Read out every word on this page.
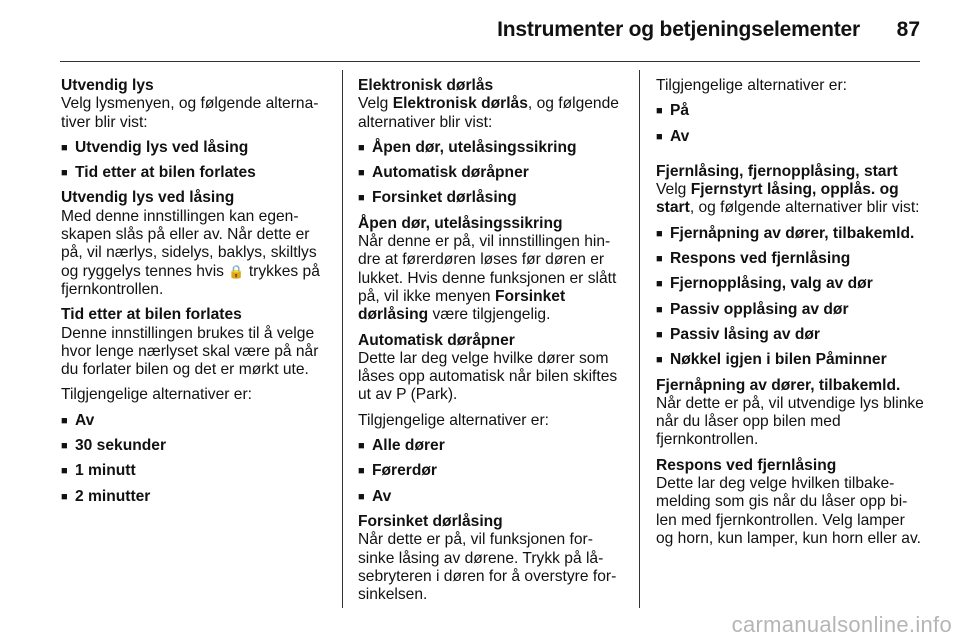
Instrumenter og betjeningselementer 87
Utvendig lys
Velg lysmenyen, og følgende alterna-tiver blir vist:
■ Utvendig lys ved låsing
■ Tid etter at bilen forlates
Utvendig lys ved låsing
Med denne innstillingen kan egen-skapen slås på eller av. Når dette er på, vil nærlys, sidelys, baklys, skiltlys og ryggelys tennes hvis 🔒 trykkes på fjernkontrollen.
Tid etter at bilen forlates
Denne innstillingen brukes til å velge hvor lenge nærlyset skal være på når du forlater bilen og det er mørkt ute.
Tilgjengelige alternativer er:
■ Av
■ 30 sekunder
■ 1 minutt
■ 2 minutter
Elektronisk dørlås
Velg Elektronisk dørlås, og følgende alternativer blir vist:
■ Åpen dør, utelåsingssikring
■ Automatisk døråpner
■ Forsinket dørlåsing
Åpen dør, utelåsingssikring
Når denne er på, vil innstillingen hin-dre at førerdøren løses før døren er lukket. Hvis denne funksjonen er slått på, vil ikke menyen Forsinket dørlåsing være tilgjengelig.
Automatisk døråpner
Dette lar deg velge hvilke dører som låses opp automatisk når bilen skiftes ut av P (Park).
Tilgjengelige alternativer er:
■ Alle dører
■ Førerdør
■ Av
Forsinket dørlåsing
Når dette er på, vil funksjonen for-sinke låsing av dørene. Trykk på lå-sebryteren i døren for å overstyre for-sinkelsen.
Tilgjengelige alternativer er:
■ På
■ Av
Fjernlåsing, fjernopplåsing, start
Velg Fjernstyrt låsing, opplås. og start, og følgende alternativer blir vist:
■ Fjernåpning av dører, tilbakemld.
■ Respons ved fjernlåsing
■ Fjernopplåsing, valg av dør
■ Passiv opplåsing av dør
■ Passiv låsing av dør
■ Nøkkel igjen i bilen Påminner
Fjernåpning av dører, tilbakemld.
Når dette er på, vil utvendige lys blinke når du låser opp bilen med fjernkontrollen.
Respons ved fjernlåsing
Dette lar deg velge hvilken tilbake-melding som gis når du låser opp bi-len med fjernkontrollen. Velg lamper og horn, kun lamper, kun horn eller av.
carmanualsonline.info
